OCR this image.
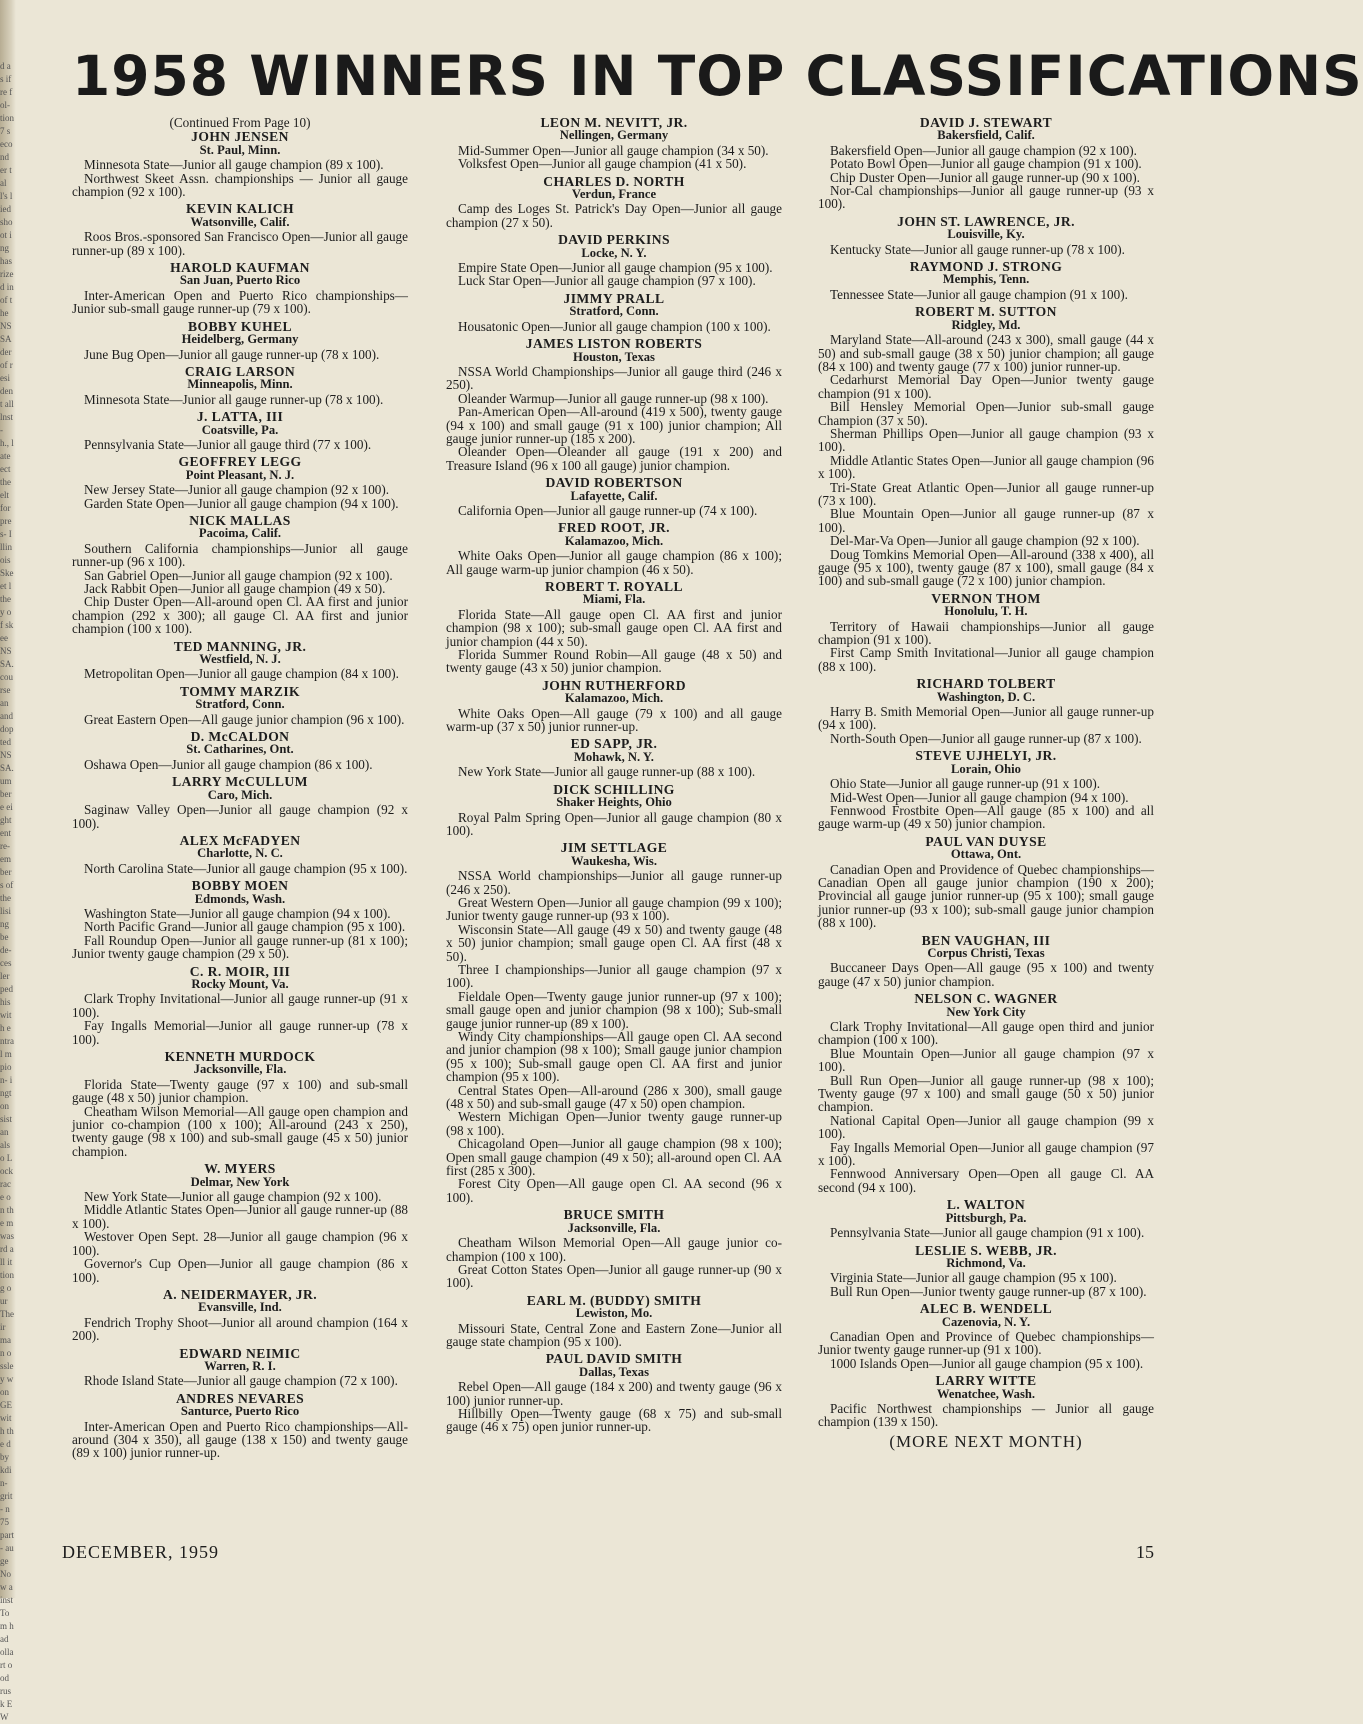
d as if re fol- tion 7 second er tall's lied shoot ing has rized in of the NSSA der of resident all lnst- h., late ect the elt for pres- Illinois Skeet l they of skee NSSA. course an and dopted NSSA. umber e eight ent re- embers of the lising be de- ces ler ped his with entral mpion- ington sistan also Lock race on the m was rd all ittion g our Their man ossley won GE with the d by kdin- grit- n 75 part- auge Now ainst Tom had ollart ood rusk EW
1958 WINNERS IN TOP CLASSIFICATIONS
(Continued From Page 10)
JOHN JENSEN
St. Paul, Minn.
Minnesota State—Junior all gauge champion (89 x 100).
Northwest Skeet Assn. championships — Junior all gauge champion (92 x 100).
KEVIN KALICH
Watsonville, Calif.
Roos Bros.-sponsored San Francisco Open—Junior all gauge runner-up (89 x 100).
HAROLD KAUFMAN
San Juan, Puerto Rico
Inter-American Open and Puerto Rico championships—Junior sub-small gauge runner-up (79 x 100).
BOBBY KUHEL
Heidelberg, Germany
June Bug Open—Junior all gauge runner-up (78 x 100).
CRAIG LARSON
Minneapolis, Minn.
Minnesota State—Junior all gauge runner-up (78 x 100).
J. LATTA, III
Coatsville, Pa.
Pennsylvania State—Junior all gauge third (77 x 100).
GEOFFREY LEGG
Point Pleasant, N. J.
New Jersey State—Junior all gauge champion (92 x 100).
Garden State Open—Junior all gauge champion (94 x 100).
NICK MALLAS
Pacoima, Calif.
Southern California championships—Junior all gauge runner-up (96 x 100).
San Gabriel Open—Junior all gauge champion (92 x 100).
Jack Rabbit Open—Junior all gauge champion (49 x 50).
Chip Duster Open—All-around open Cl. AA first and junior champion (292 x 300); all gauge Cl. AA first and junior champion (100 x 100).
TED MANNING, JR.
Westfield, N. J.
Metropolitan Open—Junior all gauge champion (84 x 100).
TOMMY MARZIK
Stratford, Conn.
Great Eastern Open—All gauge junior champion (96 x 100).
D. McCALDON
St. Catharines, Ont.
Oshawa Open—Junior all gauge champion (86 x 100).
LARRY McCULLUM
Caro, Mich.
Saginaw Valley Open—Junior all gauge champion (92 x 100).
ALEX McFADYEN
Charlotte, N. C.
North Carolina State—Junior all gauge champion (95 x 100).
BOBBY MOEN
Edmonds, Wash.
Washington State—Junior all gauge champion (94 x 100).
North Pacific Grand—Junior all gauge champion (95 x 100).
Fall Roundup Open—Junior all gauge runner-up (81 x 100); Junior twenty gauge champion (29 x 50).
C. R. MOIR, III
Rocky Mount, Va.
Clark Trophy Invitational—Junior all gauge runner-up (91 x 100).
Fay Ingalls Memorial—Junior all gauge runner-up (78 x 100).
KENNETH MURDOCK
Jacksonville, Fla.
Florida State—Twenty gauge (97 x 100) and sub-small gauge (48 x 50) junior champion.
Cheatham Wilson Memorial—All gauge open champion and junior co-champion (100 x 100); All-around (243 x 250), twenty gauge (98 x 100) and sub-small gauge (45 x 50) junior champion.
W. MYERS
Delmar, New York
New York State—Junior all gauge champion (92 x 100).
Middle Atlantic States Open—Junior all gauge runner-up (88 x 100).
Westover Open Sept. 28—Junior all gauge champion (96 x 100).
Governor's Cup Open—Junior all gauge champion (86 x 100).
A. NEIDERMAYER, JR.
Evansville, Ind.
Fendrich Trophy Shoot—Junior all around champion (164 x 200).
EDWARD NEIMIC
Warren, R. I.
Rhode Island State—Junior all gauge champion (72 x 100).
ANDRES NEVARES
Santurce, Puerto Rico
Inter-American Open and Puerto Rico championships—All-around (304 x 350), all gauge (138 x 150) and twenty gauge (89 x 100) junior runner-up.
LEON M. NEVITT, JR.
Nellingen, Germany
Mid-Summer Open—Junior all gauge champion (34 x 50).
Volksfest Open—Junior all gauge champion (41 x 50).
CHARLES D. NORTH
Verdun, France
Camp des Loges St. Patrick's Day Open—Junior all gauge champion (27 x 50).
DAVID PERKINS
Locke, N. Y.
Empire State Open—Junior all gauge champion (95 x 100).
Luck Star Open—Junior all gauge champion (97 x 100).
JIMMY PRALL
Stratford, Conn.
Housatonic Open—Junior all gauge champion (100 x 100).
JAMES LISTON ROBERTS
Houston, Texas
NSSA World Championships—Junior all gauge third (246 x 250).
Oleander Warmup—Junior all gauge runner-up (98 x 100).
Pan-American Open—All-around (419 x 500), twenty gauge (94 x 100) and small gauge (91 x 100) junior champion; All gauge junior runner-up (185 x 200).
Oleander Open—Oleander all gauge (191 x 200) and Treasure Island (96 x 100 all gauge) junior champion.
DAVID ROBERTSON
Lafayette, Calif.
California Open—Junior all gauge runner-up (74 x 100).
FRED ROOT, JR.
Kalamazoo, Mich.
White Oaks Open—Junior all gauge champion (86 x 100); All gauge warm-up junior champion (46 x 50).
ROBERT T. ROYALL
Miami, Fla.
Florida State—All gauge open Cl. AA first and junior champion (98 x 100); sub-small gauge open Cl. AA first and junior champion (44 x 50).
Florida Summer Round Robin—All gauge (48 x 50) and twenty gauge (43 x 50) junior champion.
JOHN RUTHERFORD
Kalamazoo, Mich.
White Oaks Open—All gauge (79 x 100) and all gauge warm-up (37 x 50) junior runner-up.
ED SAPP, JR.
Mohawk, N. Y.
New York State—Junior all gauge runner-up (88 x 100).
DICK SCHILLING
Shaker Heights, Ohio
Royal Palm Spring Open—Junior all gauge champion (80 x 100).
JIM SETTLAGE
Waukesha, Wis.
NSSA World championships—Junior all gauge runner-up (246 x 250).
Great Western Open—Junior all gauge champion (99 x 100); Junior twenty gauge runner-up (93 x 100).
Wisconsin State—All gauge (49 x 50) and twenty gauge (48 x 50) junior champion; small gauge open Cl. AA first (48 x 50).
Three I championships—Junior all gauge champion (97 x 100).
Fieldale Open—Twenty gauge junior runner-up (97 x 100); small gauge open and junior champion (98 x 100); Sub-small gauge junior runner-up (89 x 100).
Windy City championships—All gauge open Cl. AA second and junior champion (98 x 100); Small gauge junior champion (95 x 100); Sub-small gauge open Cl. AA first and junior champion (95 x 100).
Central States Open—All-around (286 x 300), small gauge (48 x 50) and sub-small gauge (47 x 50) open champion.
Western Michigan Open—Junior twenty gauge runner-up (98 x 100).
Chicagoland Open—Junior all gauge champion (98 x 100); Open small gauge champion (49 x 50); all-around open Cl. AA first (285 x 300).
Forest City Open—All gauge open Cl. AA second (96 x 100).
BRUCE SMITH
Jacksonville, Fla.
Cheatham Wilson Memorial Open—All gauge junior co-champion (100 x 100).
Great Cotton States Open—Junior all gauge runner-up (90 x 100).
EARL M. (BUDDY) SMITH
Lewiston, Mo.
Missouri State, Central Zone and Eastern Zone—Junior all gauge state champion (95 x 100).
PAUL DAVID SMITH
Dallas, Texas
Rebel Open—All gauge (184 x 200) and twenty gauge (96 x 100) junior runner-up.
Hillbilly Open—Twenty gauge (68 x 75) and sub-small gauge (46 x 75) open junior runner-up.
DAVID J. STEWART
Bakersfield, Calif.
Bakersfield Open—Junior all gauge champion (92 x 100).
Potato Bowl Open—Junior all gauge champion (91 x 100).
Chip Duster Open—Junior all gauge runner-up (90 x 100).
Nor-Cal championships—Junior all gauge runner-up (93 x 100).
JOHN ST. LAWRENCE, JR.
Louisville, Ky.
Kentucky State—Junior all gauge runner-up (78 x 100).
RAYMOND J. STRONG
Memphis, Tenn.
Tennessee State—Junior all gauge champion (91 x 100).
ROBERT M. SUTTON
Ridgley, Md.
Maryland State—All-around (243 x 300), small gauge (44 x 50) and sub-small gauge (38 x 50) junior champion; all gauge (84 x 100) and twenty gauge (77 x 100) junior runner-up.
Cedarhurst Memorial Day Open—Junior twenty gauge champion (91 x 100).
Bill Hensley Memorial Open—Junior sub-small gauge Champion (37 x 50).
Sherman Phillips Open—Junior all gauge champion (93 x 100).
Middle Atlantic States Open—Junior all gauge champion (96 x 100).
Tri-State Great Atlantic Open—Junior all gauge runner-up (73 x 100).
Blue Mountain Open—Junior all gauge runner-up (87 x 100).
Del-Mar-Va Open—Junior all gauge champion (92 x 100).
Doug Tomkins Memorial Open—All-around (338 x 400), all gauge (95 x 100), twenty gauge (87 x 100), small gauge (84 x 100) and sub-small gauge (72 x 100) junior champion.
VERNON THOM
Honolulu, T. H.
Territory of Hawaii championships—Junior all gauge champion (91 x 100).
First Camp Smith Invitational—Junior all gauge champion (88 x 100).
RICHARD TOLBERT
Washington, D. C.
Harry B. Smith Memorial Open—Junior all gauge runner-up (94 x 100).
North-South Open—Junior all gauge runner-up (87 x 100).
STEVE UJHELYI, JR.
Lorain, Ohio
Ohio State—Junior all gauge runner-up (91 x 100).
Mid-West Open—Junior all gauge champion (94 x 100).
Fennwood Frostbite Open—All gauge (85 x 100) and all gauge warm-up (49 x 50) junior champion.
PAUL VAN DUYSE
Ottawa, Ont.
Canadian Open and Providence of Quebec championships—Canadian Open all gauge junior champion (190 x 200); Provincial all gauge junior runner-up (95 x 100); small gauge junior runner-up (93 x 100); sub-small gauge junior champion (88 x 100).
BEN VAUGHAN, III
Corpus Christi, Texas
Buccaneer Days Open—All gauge (95 x 100) and twenty gauge (47 x 50) junior champion.
NELSON C. WAGNER
New York City
Clark Trophy Invitational—All gauge open third and junior champion (100 x 100).
Blue Mountain Open—Junior all gauge champion (97 x 100).
Bull Run Open—Junior all gauge runner-up (98 x 100); Twenty gauge (97 x 100) and small gauge (50 x 50) junior champion.
National Capital Open—Junior all gauge champion (99 x 100).
Fay Ingalls Memorial Open—Junior all gauge champion (97 x 100).
Fennwood Anniversary Open—Open all gauge Cl. AA second (94 x 100).
L. WALTON
Pittsburgh, Pa.
Pennsylvania State—Junior all gauge champion (91 x 100).
LESLIE S. WEBB, JR.
Richmond, Va.
Virginia State—Junior all gauge champion (95 x 100).
Bull Run Open—Junior twenty gauge runner-up (87 x 100).
ALEC B. WENDELL
Cazenovia, N. Y.
Canadian Open and Province of Quebec championships—Junior twenty gauge runner-up (91 x 100).
1000 Islands Open—Junior all gauge champion (95 x 100).
LARRY WITTE
Wenatchee, Wash.
Pacific Northwest championships — Junior all gauge champion (139 x 150).
(MORE NEXT MONTH)
DECEMBER, 1959	15
